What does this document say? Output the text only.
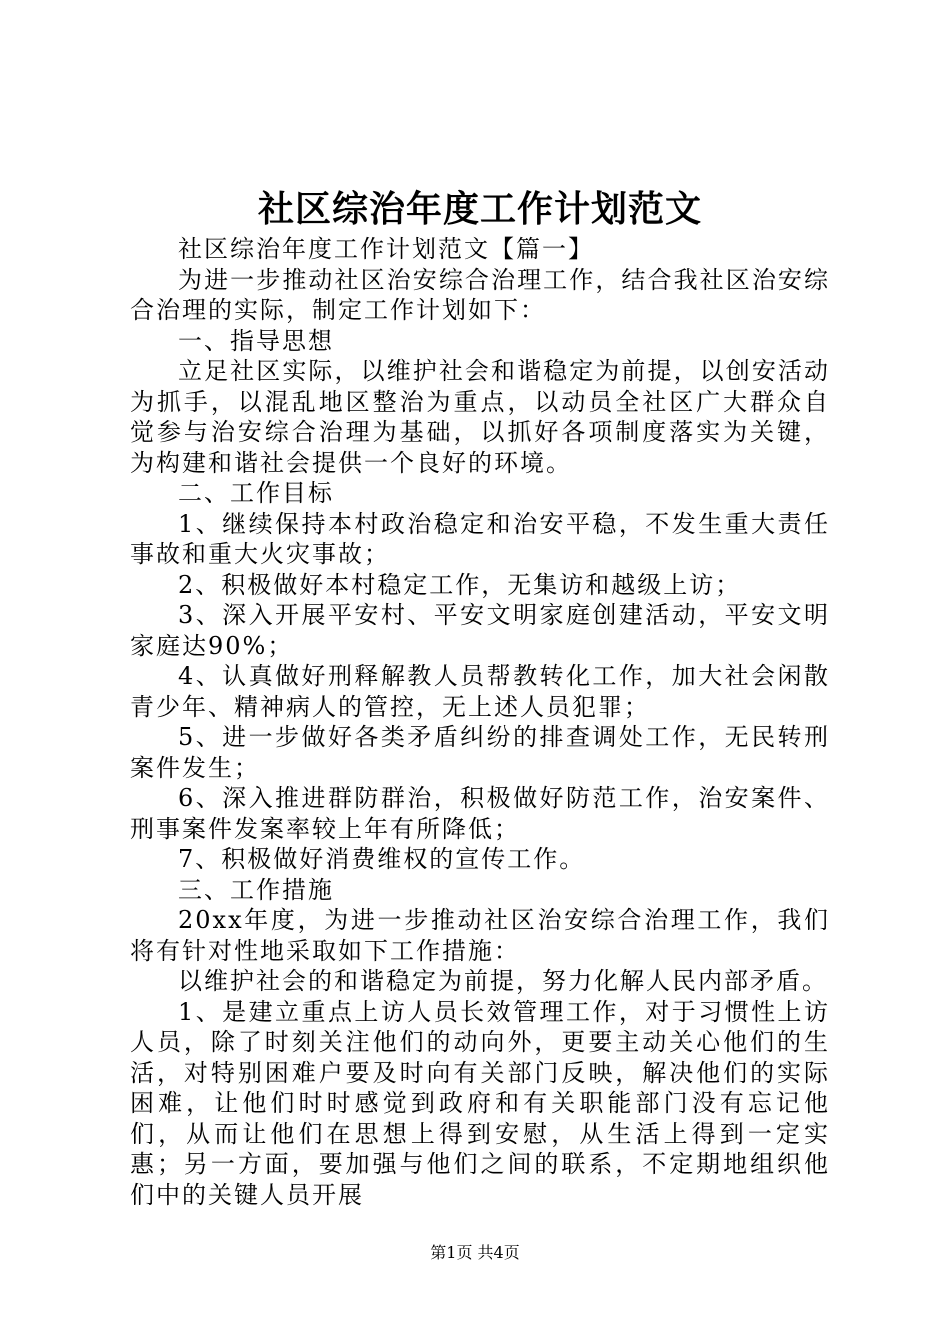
社区综治年度工作计划范文

社区综治年度工作计划范文【篇一】

为进一步推动社区治安综合治理工作，结合我社区治安综合治理的实际，制定工作计划如下：

一、指导思想

立足社区实际，以维护社会和谐稳定为前提，以创安活动为抓手，以混乱地区整治为重点，以动员全社区广大群众自觉参与治安综合治理为基础，以抓好各项制度落实为关键，为构建和谐社会提供一个良好的环境。

二、工作目标

1、继续保持本村政治稳定和治安平稳，不发生重大责任事故和重大火灾事故；

2、积极做好本村稳定工作，无集访和越级上访；

3、深入开展平安村、平安文明家庭创建活动，平安文明家庭达90%；

4、认真做好刑释解教人员帮教转化工作，加大社会闲散青少年、精神病人的管控，无上述人员犯罪；

5、进一步做好各类矛盾纠纷的排查调处工作，无民转刑案件发生；

6、深入推进群防群治，积极做好防范工作，治安案件、刑事案件发案率较上年有所降低；

7、积极做好消费维权的宣传工作。

三、工作措施

20xx年度，为进一步推动社区治安综合治理工作，我们将有针对性地采取如下工作措施：

以维护社会的和谐稳定为前提，努力化解人民内部矛盾。

1、是建立重点上访人员长效管理工作，对于习惯性上访人员，除了时刻关注他们的动向外，更要主动关心他们的生活，对特别困难户要及时向有关部门反映，解决他们的实际困难，让他们时时感觉到政府和有关职能部门没有忘记他们，从而让他们在思想上得到安慰，从生活上得到一定实惠；另一方面，要加强与他们之间的联系，不定期地组织他们中的关键人员开展

第1页 共4页
